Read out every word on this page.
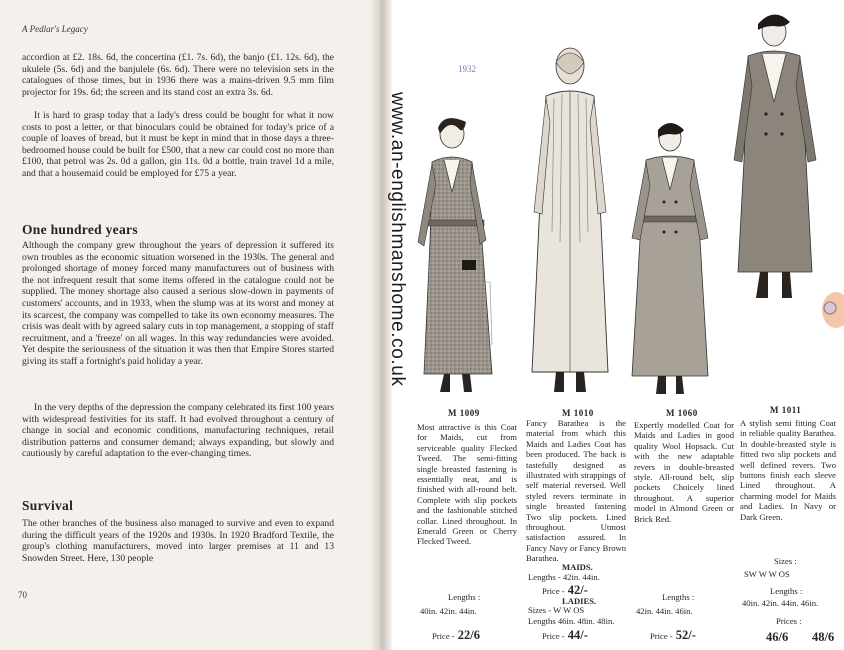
A Pedlar's Legacy

accordion at £2. 18s. 6d, the concertina (£1. 7s. 6d), the banjo (£1. 12s. 6d), the ukulele (5s. 6d) and the banjulele (6s. 6d). There were no television sets in the catalogues of those times, but in 1936 there was a mains-driven 9.5 mm film projector for 19s. 6d; the screen and its stand cost an extra 3s. 6d.

It is hard to grasp today that a lady's dress could be bought for what it now costs to post a letter, or that binoculars could be obtained for today's price of a couple of loaves of bread, but it must be kept in mind that in those days a three-bedroomed house could be built for £500, that a new car could cost no more than £100, that petrol was 2s. 0d a gallon, gin 11s. 0d a bottle, train travel 1d a mile, and that a housemaid could be employed for £75 a year.

One hundred years

Although the company grew throughout the years of depression it suffered its own troubles as the economic situation worsened in the 1930s. The general and prolonged shortage of money forced many manufacturers out of business with the not infrequent result that some items offered in the catalogue could not be supplied. The money shortage also caused a serious slow-down in payments of customers' accounts, and in 1933, when the slump was at its worst and money at its scarcest, the company was compelled to take its own economy measures. The crisis was dealt with by agreed salary cuts in top management, a stopping of staff recruitment, and a 'freeze' on all wages. In this way redundancies were avoided. Yet despite the seriousness of the situation it was then that Empire Stores started giving its staff a fortnight's paid holiday a year.

In the very depths of the depression the company celebrated its first 100 years with widespread festivities for its staff. It had evolved throughout a century of change in social and economic conditions, manufacturing techniques, retail distribution patterns and consumer demand; always expanding, but slowly and cautiously by careful adaptation to the ever-changing times.

Survival

The other branches of the business also managed to survive and even to expand during the difficult years of the 1920s and 1930s. In 1920 Bradford Textile, the group's clothing manufacturers, moved into larger premises at 11 and 13 Snowden Street. Here, 130 people

70
www.an-englishmanshome.co.uk
1932
M 1009

Most attractive is this Coat for Maids, cut from serviceable quality Flecked Tweed. The semi-fitting single breasted fastening is essentially neat, and is finished with all-round belt. Complete with slip pockets and the fashionable stitched collar. Lined throughout. In Emerald Green or Cherry Flecked Tweed.

Lengths :
40in. 42in. 44in.
Price - 22/6
M 1010

Fancy Barathea is the material from which this Maids and Ladies Coat has been produced. The back is tastefully designed as illustrated with strappings of self material reversed. Well styled revers terminate in single breasted fastening Two slip pockets. Lined throughout. Utmost satisfaction assured. In Fancy Navy or Fancy Brown Barathea.

MAIDS.
Lengths - 42in. 44in.
Price - 42/-
LADIES.
Sizes - W W OS
Lengths 46in. 48in. 48in.
Price - 44/-
M 1060

Expertly modelled Coat for Maids and Ladies in good quality Wool Hopsack. Cut with the new adaptable revers in double-breasted style. All-round belt, slip pockets Choicely lined throughout. A superior model in Almond Green or Brick Red.

Lengths :
42in. 44in. 46in.
Price - 52/-
M 1011

A stylish semi fitting Coat in reliable quality Barathea. In double-breasted style is fitted two slip pockets and well defined revers. Two buttons finish each sleeve Lined throughout. A charming model for Maids and Ladies. In Navy or Dark Green.

Sizes :
SW W W OS
Lengths :
40in. 42in. 44in. 46in.
Prices :
46/6 48/6
